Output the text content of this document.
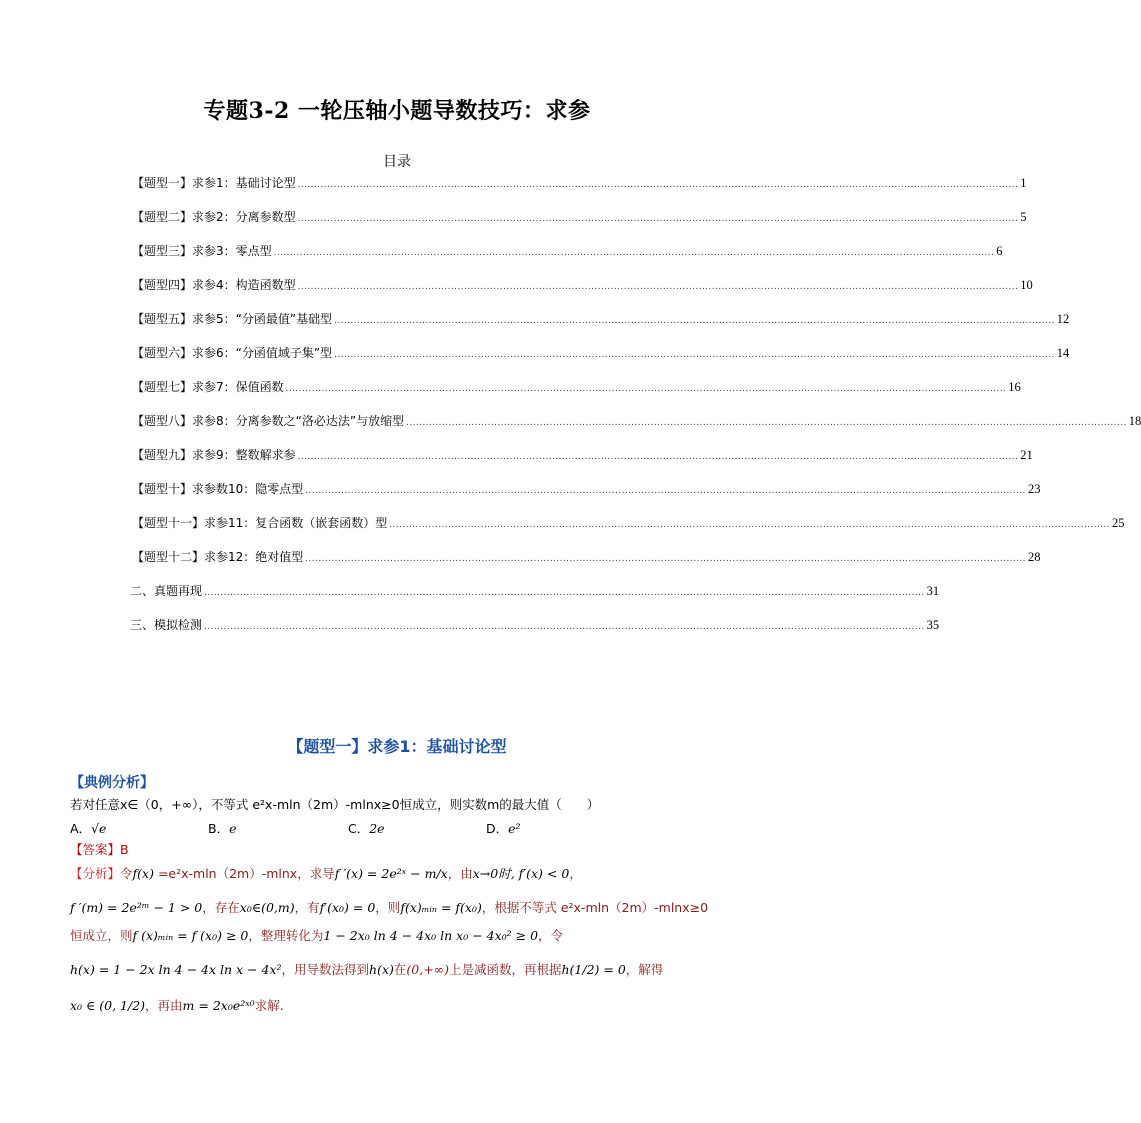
专题3-2 一轮压轴小题导数技巧：求参
目录
【题型一】求参1：基础讨论型 ............................................................................................................................................................................................................................. 1
【题型二】求参2：分离参数型 ............................................................................................................................................................................................................................. 5
【题型三】求参3：零点型 ............................................................................................................................................................................................................................. 6
【题型四】求参4：构造函数型 ............................................................................................................................................................................................................................. 10
【题型五】求参5：“分函最值”基础型 ............................................................................................................................................................................................................................. 12
【题型六】求参6：“分函值域子集”型 ............................................................................................................................................................................................................................. 14
【题型七】求参7：保值函数 ............................................................................................................................................................................................................................. 16
【题型八】求参8：分离参数之“洛必达法”与放缩型 ............................................................................................................................................................................................................................. 18
【题型九】求参9：整数解求参 ............................................................................................................................................................................................................................. 21
【题型十】求参数10：隐零点型 ............................................................................................................................................................................................................................. 23
【题型十一】求参11：复合函数（嵌套函数）型 ............................................................................................................................................................................................................................. 25
【题型十二】求参12：绝对值型 ............................................................................................................................................................................................................................. 28
二、真题再现 ............................................................................................................................................................................................................................. 31
三、模拟检测 ............................................................................................................................................................................................................................. 35
【题型一】求参1：基础讨论型
【典例分析】
若对任意x∈（0，+∞），不等式 e²x-mln（2m）-mlnx≥0恒成立，则实数m的最大值（　　）
A．√e	B．e	C．2e	D．e²
【答案】B
【分析】令f(x) =e²x-mln（2m）-mlnx，求导f ′(x) = 2e²ˣ − m/x，由x→0时, f′(x) < 0，
f ′(m) = 2e²ᵐ − 1 > 0，存在x₀∈(0,m)，有f′(x₀) = 0，则f(x)ₘᵢₙ = f(x₀)，根据不等式 e²x-mln（2m）-mlnx≥0
恒成立，则f (x)ₘᵢₙ = f (x₀) ≥ 0，整理转化为1 − 2x₀ ln 4 − 4x₀ ln x₀ − 4x₀² ≥ 0，令
h(x) = 1 − 2x ln 4 − 4x ln x − 4x²，用导数法得到h(x)在(0,+∞)上是减函数，再根据h(1/2) = 0，解得
x₀ ∈ (0, 1/2)，再由m = 2x₀e²ˣ⁰求解.
